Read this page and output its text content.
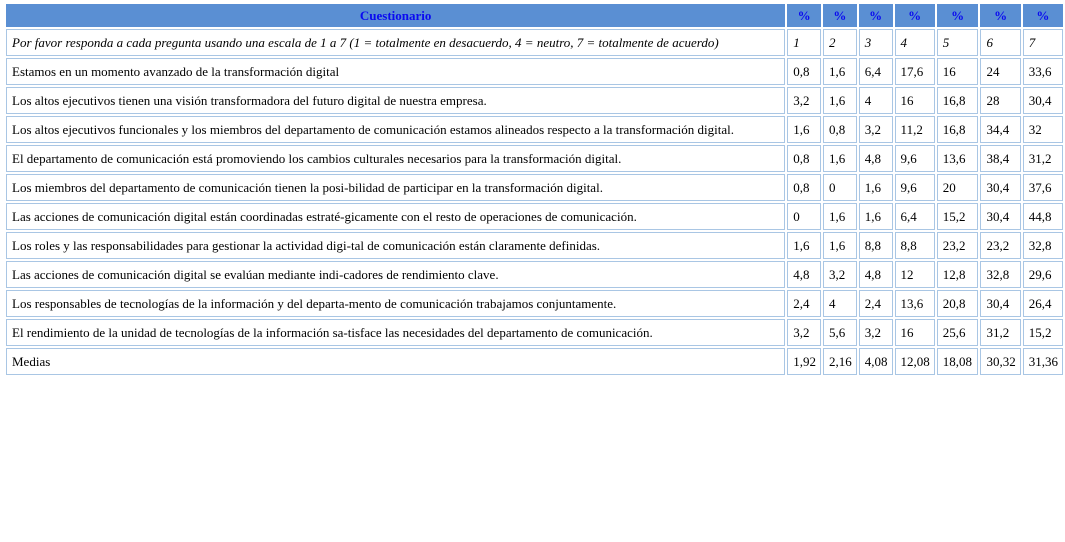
Cuestionario	%	%	%	%	%	%	%
Por favor responda a cada pregunta usando una escala de 1 a 7 (1 = totalmente en desacuerdo, 4 = neutro, 7 = totalmente de acuerdo)	1	2	3	4	5	6	7
Estamos en un momento avanzado de la transformación digital	0,8	1,6	6,4	17,6	16	24	33,6
Los altos ejecutivos tienen una visión transformadora del futuro digital de nuestra empresa.	3,2	1,6	4	16	16,8	28	30,4
Los altos ejecutivos funcionales y los miembros del departamento de comunicación estamos alineados respecto a la transformación digital.	1,6	0,8	3,2	11,2	16,8	34,4	32
El departamento de comunicación está promoviendo los cambios culturales necesarios para la transformación digital.	0,8	1,6	4,8	9,6	13,6	38,4	31,2
Los miembros del departamento de comunicación tienen la posi-bilidad de participar en la transformación digital.	0,8	0	1,6	9,6	20	30,4	37,6
Las acciones de comunicación digital están coordinadas estraté-gicamente con el resto de operaciones de comunicación.	0	1,6	1,6	6,4	15,2	30,4	44,8
Los roles y las responsabilidades para gestionar la actividad digi-tal de comunicación están claramente definidas.	1,6	1,6	8,8	8,8	23,2	23,2	32,8
Las acciones de comunicación digital se evalúan mediante indi-cadores de rendimiento clave.	4,8	3,2	4,8	12	12,8	32,8	29,6
Los responsables de tecnologías de la información y del departa-mento de comunicación trabajamos conjuntamente.	2,4	4	2,4	13,6	20,8	30,4	26,4
El rendimiento de la unidad de tecnologías de la información sa-tisface las necesidades del departamento de comunicación.	3,2	5,6	3,2	16	25,6	31,2	15,2
Medias	1,92	2,16	4,08	12,08	18,08	30,32	31,36
